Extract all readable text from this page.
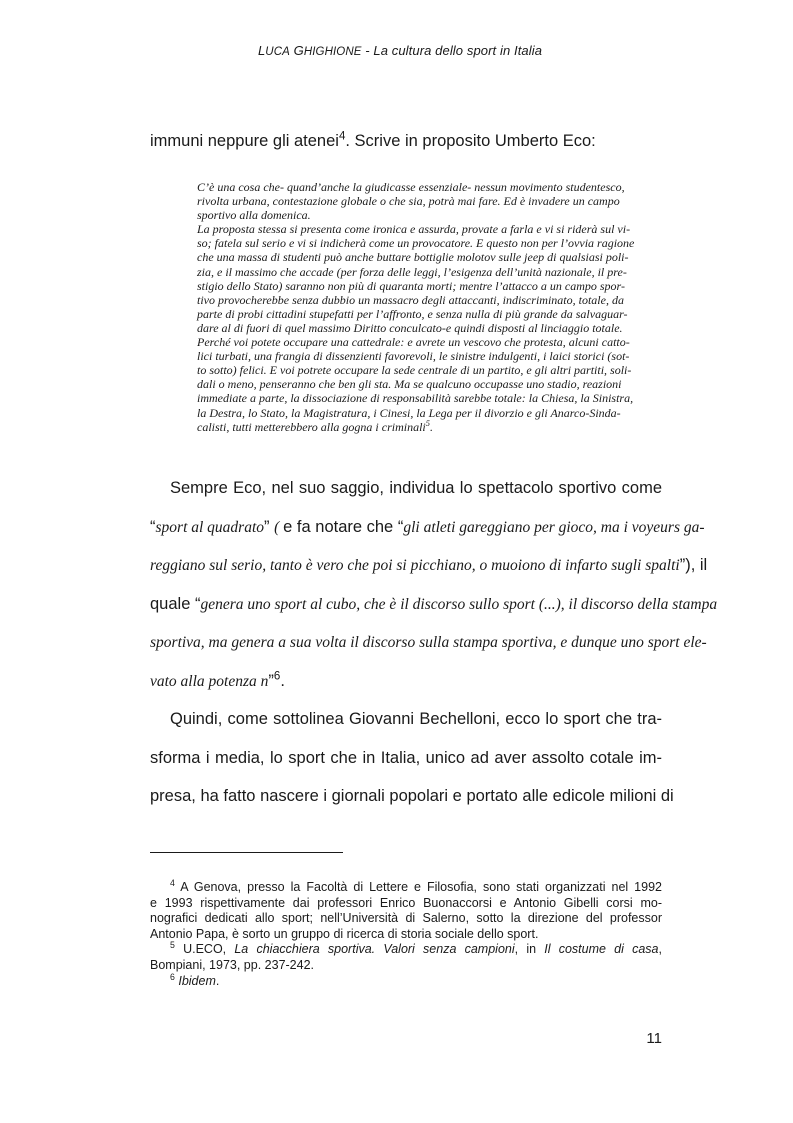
LUCA GHIGHIONE - La cultura dello sport in Italia
immuni neppure gli atenei$^4$. Scrive in proposito Umberto Eco:
C’è una cosa che- quand’anche la giudicasse essenziale- nessun movimento studentesco,
rivolta urbana, contestazione globale o che sia, potrà mai fare. Ed è invadere un campo
sportivo alla domenica.
La proposta stessa si presenta come ironica e assurda, provate a farla e vi si riderà sul vi-
so; fatela sul serio e vi si indicherà come un provocatore. E questo non per l’ovvia ragione
che una massa di studenti può anche buttare bottiglie molotov sulle jeep di qualsiasi poli-
zia, e il massimo che accade (per forza delle leggi, l’esigenza dell’unità nazionale, il pre-
stigio dello Stato) saranno non più di quaranta morti; mentre l’attacco a un campo spor-
tivo provocherebbe senza dubbio un massacro degli attaccanti, indiscriminato, totale, da
parte di probi cittadini stupefatti per l’affronto, e senza nulla di più grande da salvaguar-
dare al di fuori di quel massimo Diritto conculcato-e quindi disposti al linciaggio totale.
Perché voi potete occupare una cattedrale: e avrete un vescovo che protesta, alcuni catto-
lici turbati, una frangia di dissenzienti favorevoli, le sinistre indulgenti, i laici storici (sot-
to sotto) felici. E voi potrete occupare la sede centrale di un partito, e gli altri partiti, soli-
dali o meno, penseranno che ben gli sta. Ma se qualcuno occupasse uno stadio, reazioni
immediate a parte, la dissociazione di responsabilità sarebbe totale: la Chiesa, la Sinistra,
la Destra, lo Stato, la Magistratura, i Cinesi, la Lega per il divorzio e gli Anarco-Sinda-
calisti, tutti metterebbero alla gogna i criminali$^5$.
Sempre Eco, nel suo saggio, individua lo spettacolo sportivo come
“sport al quadrato” ( e fa notare che “gli atleti gareggiano per gioco, ma i voyeurs ga-
reggiano sul serio, tanto è vero che poi si picchiano, o muoiono di infarto sugli spalti”), il
quale “genera uno sport al cubo, che è il discorso sullo sport (...), il discorso della stampa
sportiva, ma genera a sua volta il discorso sulla stampa sportiva, e dunque uno sport ele-
vato alla potenza n”$^6$.
Quindi, come sottolinea Giovanni Bechelloni, ecco lo sport che tra-
sforma i media, lo sport che in Italia, unico ad aver assolto cotale im-
presa, ha fatto nascere i giornali popolari e portato alle edicole milioni di
$^4$ A Genova, presso la Facoltà di Lettere e Filosofia, sono stati organizzati nel 1992
e 1993 rispettivamente dai professori Enrico Buonaccorsi e Antonio Gibelli corsi mo-
nografici dedicati allo sport; nell’Università di Salerno, sotto la direzione del professor
Antonio Papa, è sorto un gruppo di ricerca di storia sociale dello sport.
$^5$ U.ECO, La chiacchiera sportiva. Valori senza campioni, in Il costume di casa,
Bompiani, 1973, pp. 237-242.
$^6$ Ibidem.
11
